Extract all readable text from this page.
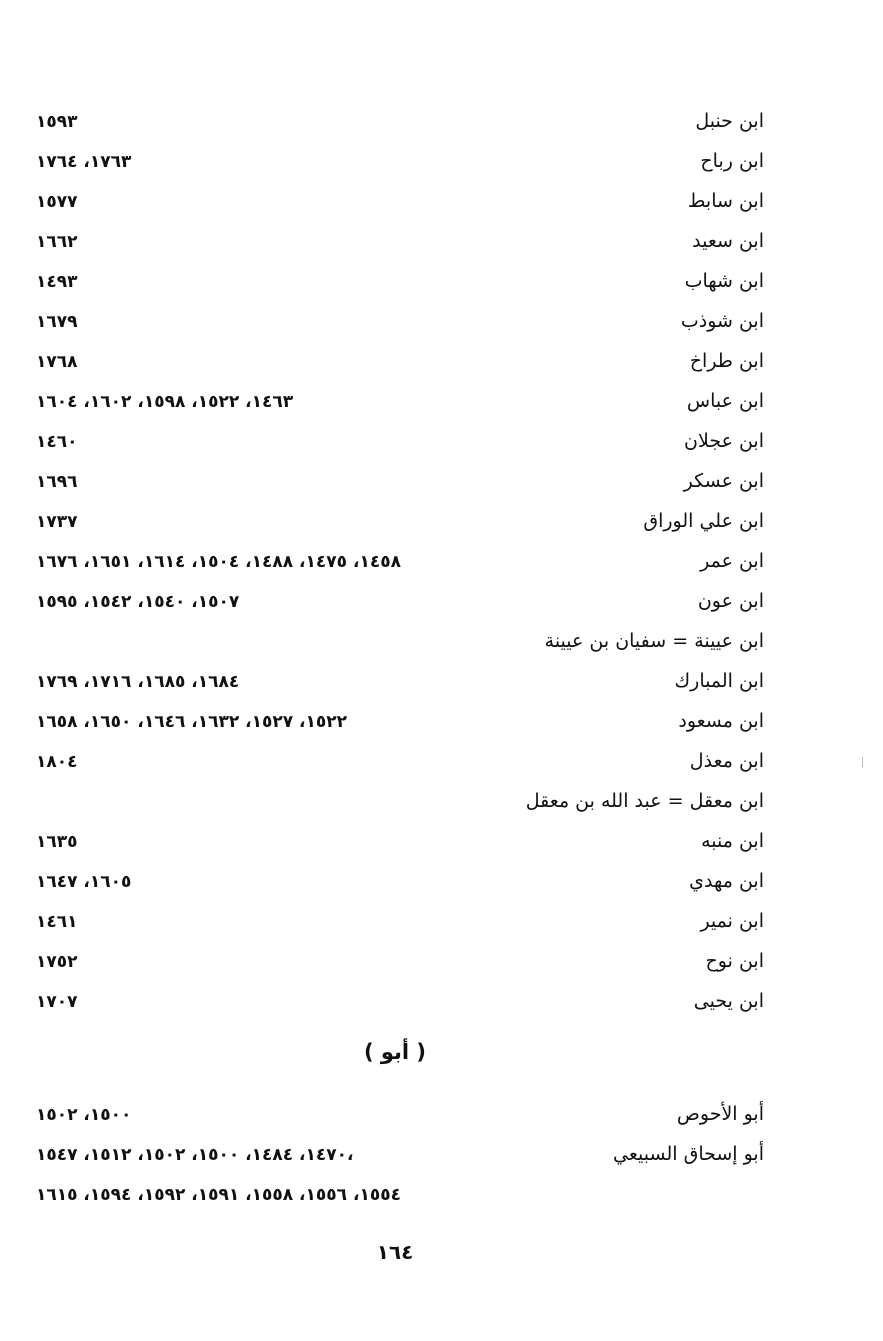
ابن حنبل
١٥٩٣
ابن رباح
١٧٦٣، ١٧٦٤
ابن سابط
١٥٧٧
ابن سعيد
١٦٦٢
ابن شهاب
١٤٩٣
ابن شوذب
١٦٧٩
ابن طراخ
١٧٦٨
ابن عباس
١٤٦٣، ١٥٢٢، ١٥٩٨، ١٦٠٢، ١٦٠٤
ابن عجلان
١٤٦٠
ابن عسكر
١٦٩٦
ابن علي الوراق
١٧٣٧
ابن عمر
١٤٥٨، ١٤٧٥، ١٤٨٨، ١٥٠٤، ١٦١٤، ١٦٥١، ١٦٧٦
ابن عون
١٥٠٧، ١٥٤٠، ١٥٤٢، ١٥٩٥
ابن عيينة = سفيان بن عيينة
ابن المبارك
١٦٨٤، ١٦٨٥، ١٧١٦، ١٧٦٩
ابن مسعود
١٥٢٢، ١٥٢٧، ١٦٣٢، ١٦٤٦، ١٦٥٠، ١٦٥٨
ابن معذل
١٨٠٤
ابن معقل = عبد الله بن معقل
ابن منبه
١٦٣٥
ابن مهدي
١٦٠٥، ١٦٤٧
ابن نمير
١٤٦١
ابن نوح
١٧٥٢
ابن يحيى
١٧٠٧
( أبو )
أبو الأحوص
١٥٠٠، ١٥٠٢
أبو إسحاق السبيعي
١٤٧٠، ١٤٨٤، ١٥٠٠، ١٥٠٢، ١٥١٢، ١٥٤٧،
١٥٥٤، ١٥٥٦، ١٥٥٨، ١٥٩١، ١٥٩٢، ١٥٩٤، ١٦١٥
١٦٤
